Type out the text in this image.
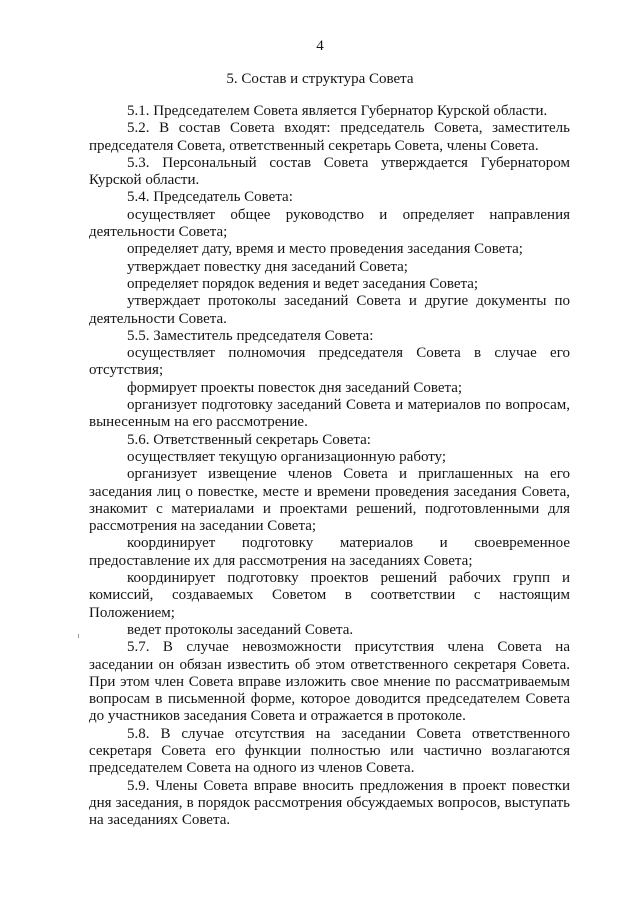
4
5. Состав и структура Совета

5.1. Председателем Совета является Губернатор Курской области.

5.2. В состав Совета входят: председатель Совета, заместитель председателя Совета, ответственный секретарь Совета, члены Совета.

5.3. Персональный состав Совета утверждается Губернатором Курской области.

5.4. Председатель Совета:

осуществляет общее руководство и определяет направления деятельности Совета;

определяет дату, время и место проведения заседания Совета;

утверждает повестку дня заседаний Совета;

определяет порядок ведения и ведет заседания Совета;

утверждает протоколы заседаний Совета и другие документы по деятельности Совета.

5.5. Заместитель председателя Совета:

осуществляет полномочия председателя Совета в случае его отсутствия;

формирует проекты повесток дня заседаний Совета;

организует подготовку заседаний Совета и материалов по вопросам, вынесенным на его рассмотрение.

5.6. Ответственный секретарь Совета:

осуществляет текущую организационную работу;

организует извещение членов Совета и приглашенных на его заседания лиц о повестке, месте и времени проведения заседания Совета, знакомит с материалами и проектами решений, подготовленными для рассмотрения на заседании Совета;

координирует подготовку материалов и своевременное предоставление их для рассмотрения на заседаниях Совета;

координирует подготовку проектов решений рабочих групп и комиссий, создаваемых Советом в соответствии с настоящим Положением;

ведет протоколы заседаний Совета.

5.7. В случае невозможности присутствия члена Совета на заседании он обязан известить об этом ответственного секретаря Совета. При этом член Совета вправе изложить свое мнение по рассматриваемым вопросам в письменной форме, которое доводится председателем Совета до участников заседания Совета и отражается в протоколе.

5.8. В случае отсутствия на заседании Совета ответственного секретаря Совета его функции полностью или частично возлагаются председателем Совета на одного из членов Совета.

5.9. Члены Совета вправе вносить предложения в проект повестки дня заседания, в порядок рассмотрения обсуждаемых вопросов, выступать на заседаниях Совета.
